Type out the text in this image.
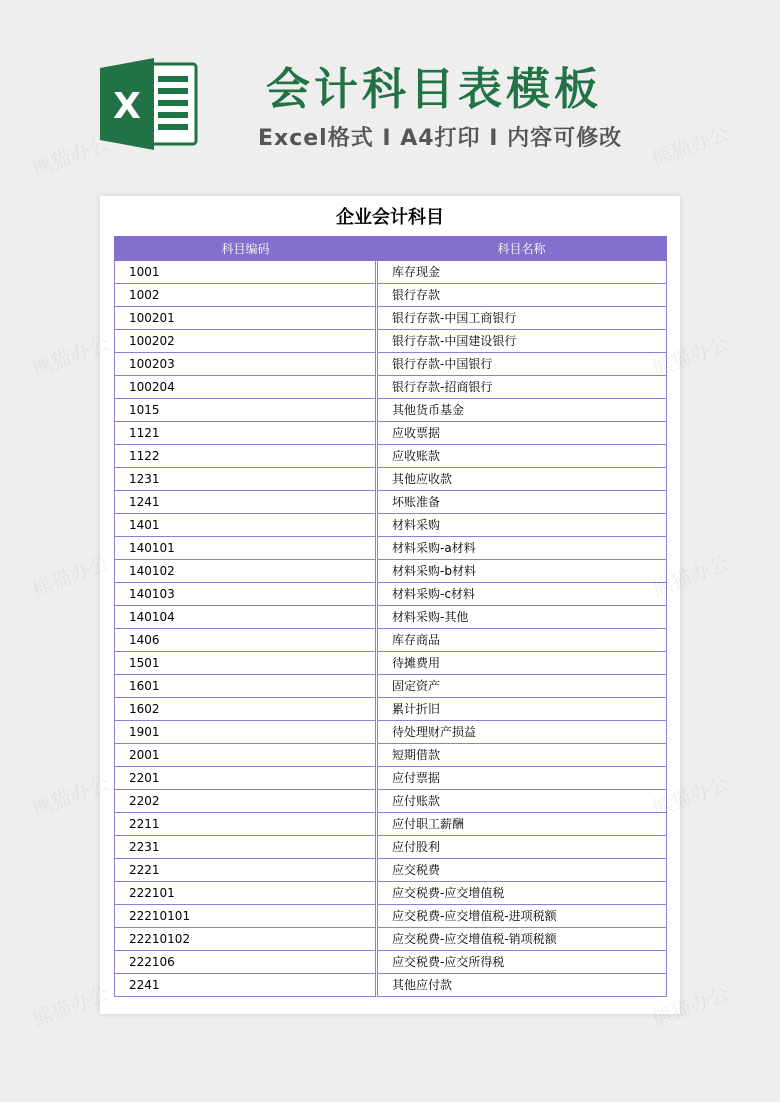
X	会计科目表模板
Excel格式 I A4打印 I 内容可修改
企业会计科目
科目编码	科目名称
1001	库存现金
1002	银行存款
100201	银行存款-中国工商银行
100202	银行存款-中国建设银行
100203	银行存款-中国银行
100204	银行存款-招商银行
1015	其他货币基金
1121	应收票据
1122	应收账款
1231	其他应收款
1241	坏账准备
1401	材料采购
140101	材料采购-a材料
140102	材料采购-b材料
140103	材料采购-c材料
140104	材料采购-其他
1406	库存商品
1501	待摊费用
1601	固定资产
1602	累计折旧
1901	待处理财产损益
2001	短期借款
2201	应付票据
2202	应付账款
2211	应付职工薪酬
2231	应付股利
2221	应交税费
222101	应交税费-应交增值税
22210101	应交税费-应交增值税-进项税额
22210102	应交税费-应交增值税-销项税额
222106	应交税费-应交所得税
2241	其他应付款
熊猫办公	熊猫办公
熊猫办公	熊猫办公
熊猫办公	熊猫办公
熊猫办公	熊猫办公
熊猫办公	熊猫办公
